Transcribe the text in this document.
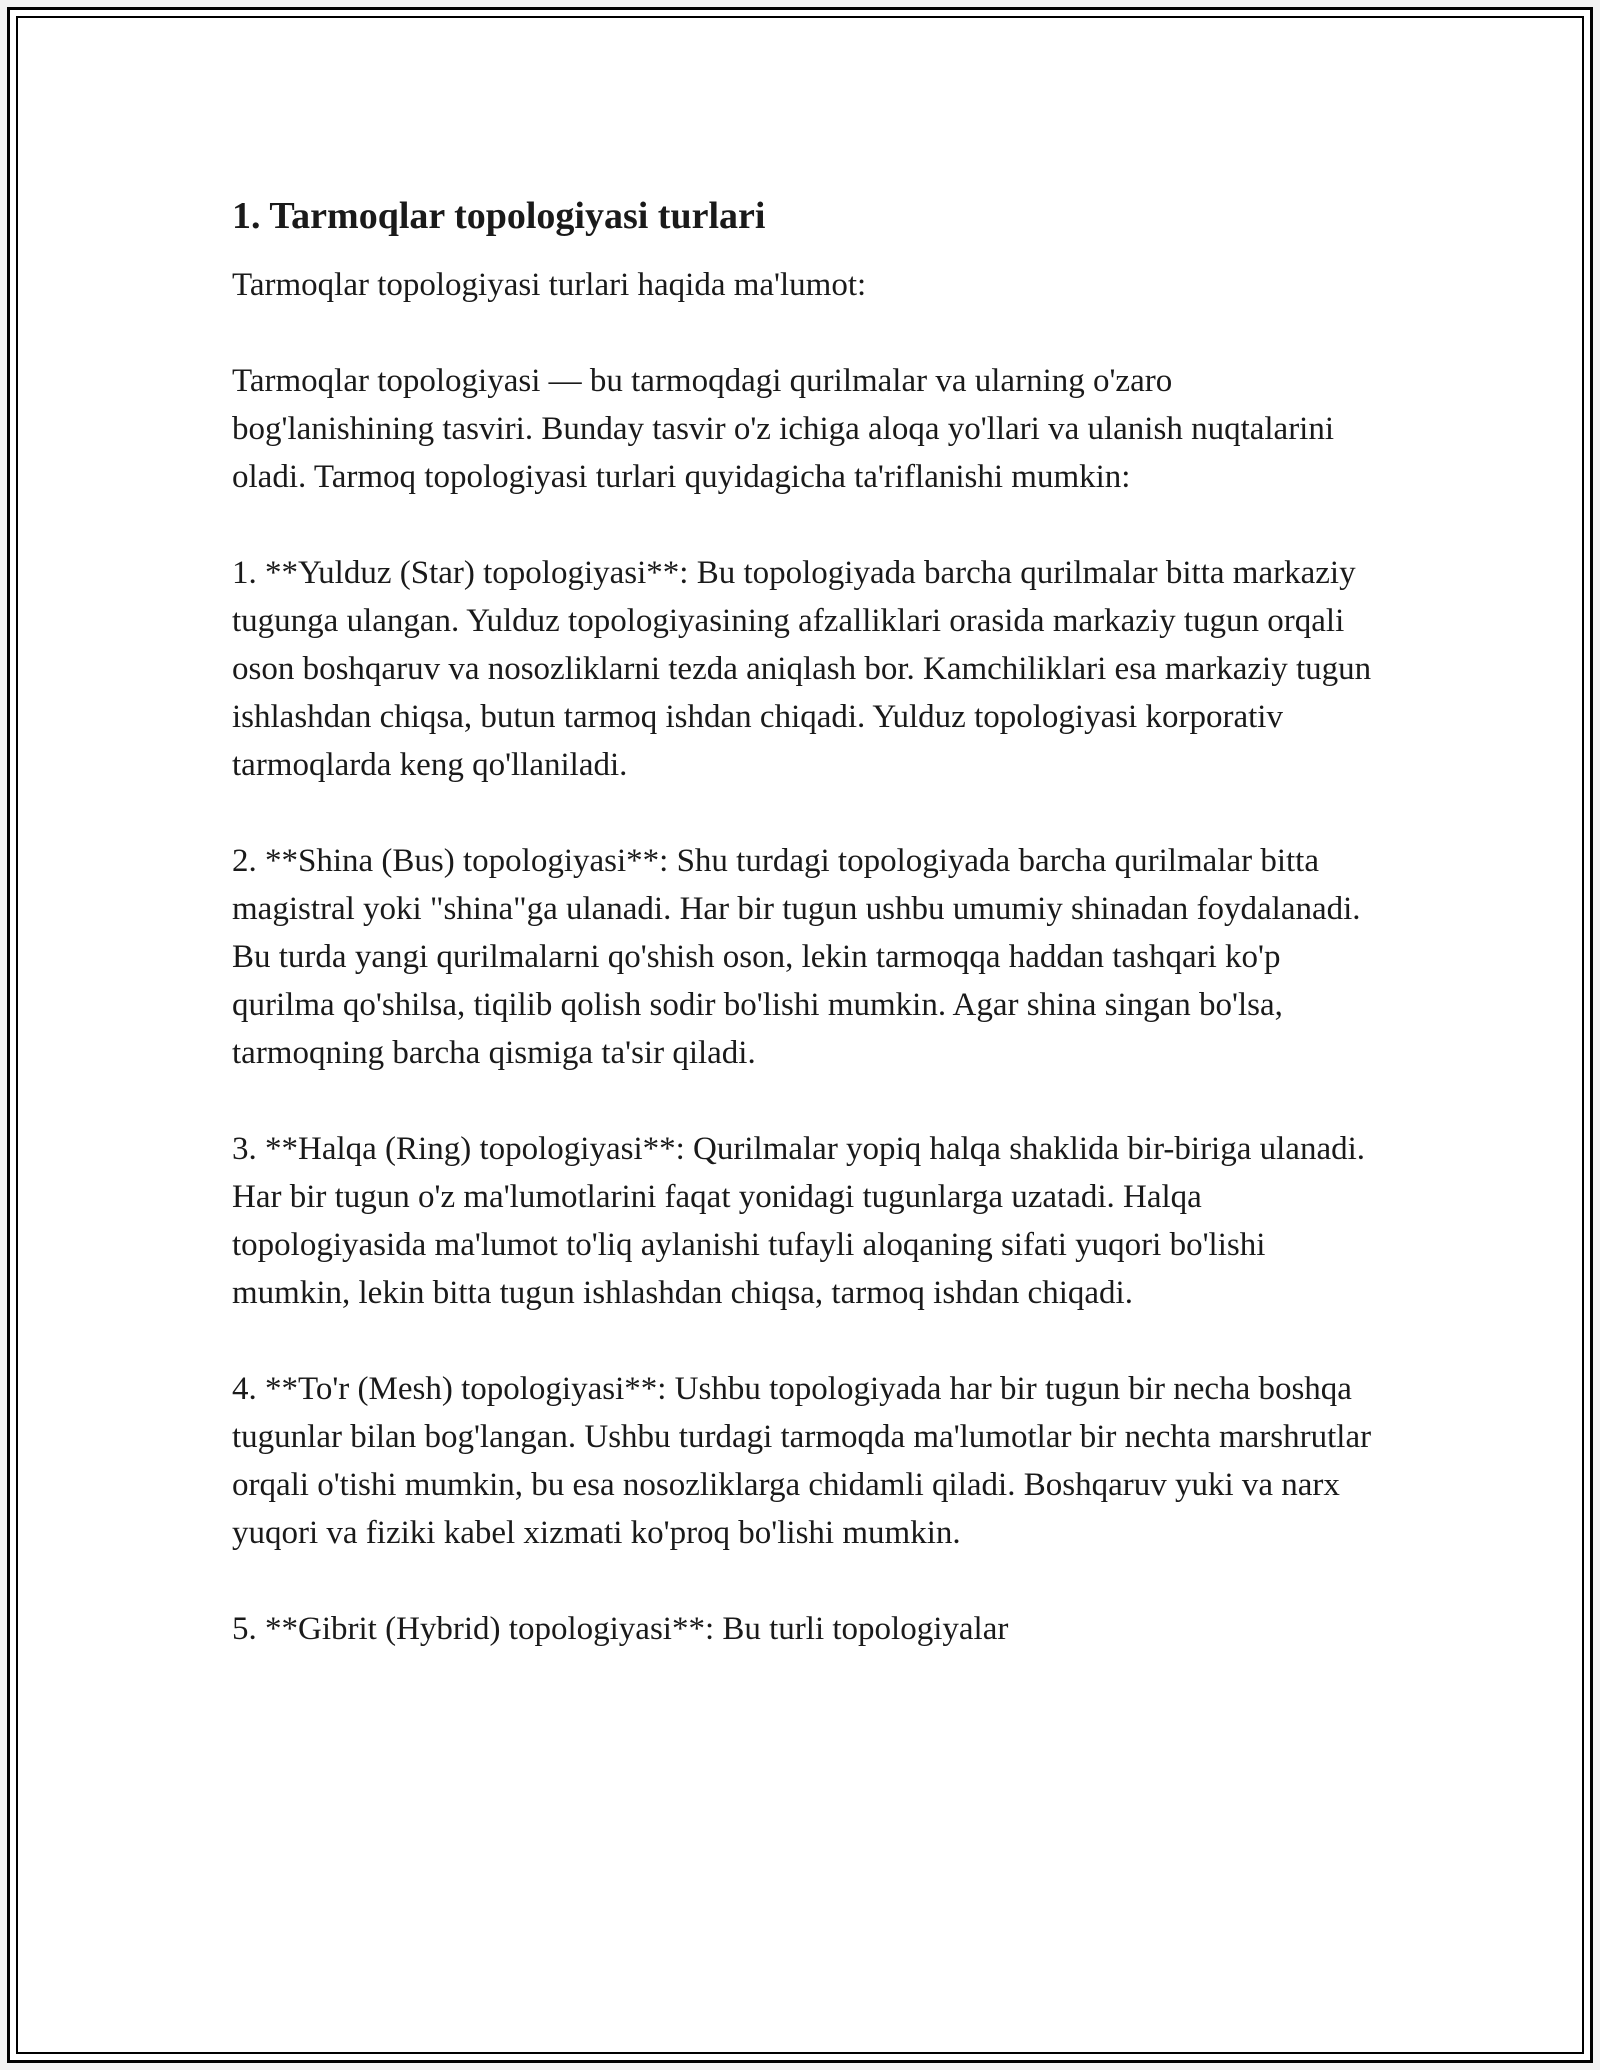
1. Tarmoqlar topologiyasi turlari

Tarmoqlar topologiyasi turlari haqida ma'lumot:

Tarmoqlar topologiyasi — bu tarmoqdagi qurilmalar va ularning o'zaro bog'lanishining tasviri. Bunday tasvir o'z ichiga aloqa yo'llari va ulanish nuqtalarini oladi. Tarmoq topologiyasi turlari quyidagicha ta'riflanishi mumkin:

1. **Yulduz (Star) topologiyasi**: Bu topologiyada barcha qurilmalar bitta markaziy tugunga ulangan. Yulduz topologiyasining afzalliklari orasida markaziy tugun orqali oson boshqaruv va nosozliklarni tezda aniqlash bor. Kamchiliklari esa markaziy tugun ishlashdan chiqsa, butun tarmoq ishdan chiqadi. Yulduz topologiyasi korporativ tarmoqlarda keng qo'llaniladi.

2. **Shina (Bus) topologiyasi**: Shu turdagi topologiyada barcha qurilmalar bitta magistral yoki "shina"ga ulanadi. Har bir tugun ushbu umumiy shinadan foydalanadi. Bu turda yangi qurilmalarni qo'shish oson, lekin tarmoqqa haddan tashqari ko'p qurilma qo'shilsa, tiqilib qolish sodir bo'lishi mumkin. Agar shina singan bo'lsa, tarmoqning barcha qismiga ta'sir qiladi.

3. **Halqa (Ring) topologiyasi**: Qurilmalar yopiq halqa shaklida bir-biriga ulanadi. Har bir tugun o'z ma'lumotlarini faqat yonidagi tugunlarga uzatadi. Halqa topologiyasida ma'lumot to'liq aylanishi tufayli aloqaning sifati yuqori bo'lishi mumkin, lekin bitta tugun ishlashdan chiqsa, tarmoq ishdan chiqadi.

4. **To'r (Mesh) topologiyasi**: Ushbu topologiyada har bir tugun bir necha boshqa tugunlar bilan bog'langan. Ushbu turdagi tarmoqda ma'lumotlar bir nechta marshrutlar orqali o'tishi mumkin, bu esa nosozliklarga chidamli qiladi. Boshqaruv yuki va narx yuqori va fiziki kabel xizmati ko'proq bo'lishi mumkin.

5. **Gibrit (Hybrid) topologiyasi**: Bu turli topologiyalar
